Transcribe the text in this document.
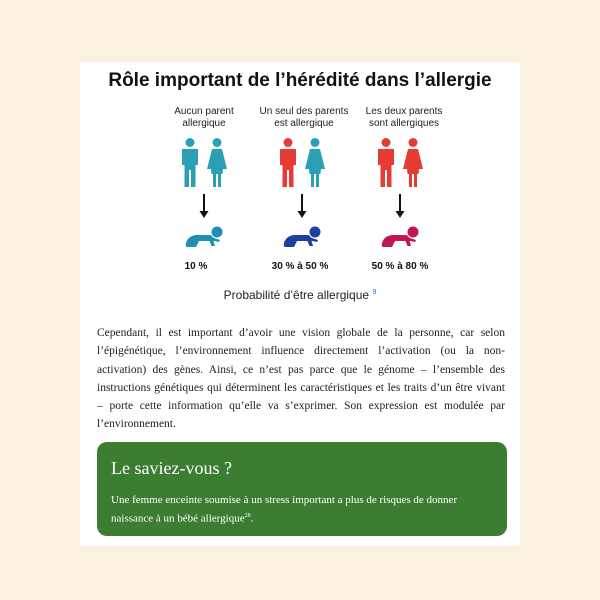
Rôle important de l’hérédité dans l’allergie
Aucun parent
allergique
Un seul des parents
est allergique
Les deux parents
sont allergiques
10 %	30 % à 50 %	50 % à 80 %
Probabilité d’être allergique $^9$

Cependant, il est important d’avoir une vision globale de la personne, car selon l’épigénétique, l’environnement influence directement l’activation (ou la non-activation) des gènes. Ainsi, ce n’est pas parce que le génome – l’ensemble des instructions génétiques qui déterminent les caractéristiques et les traits d’un être vivant – porte cette information qu’elle va s’exprimer. Son expression est modulée par l’environnement.

Le saviez-vous ?

Une femme enceinte soumise à un stress important a plus de risques de donner naissance à un bébé allergique$^{28}$.
